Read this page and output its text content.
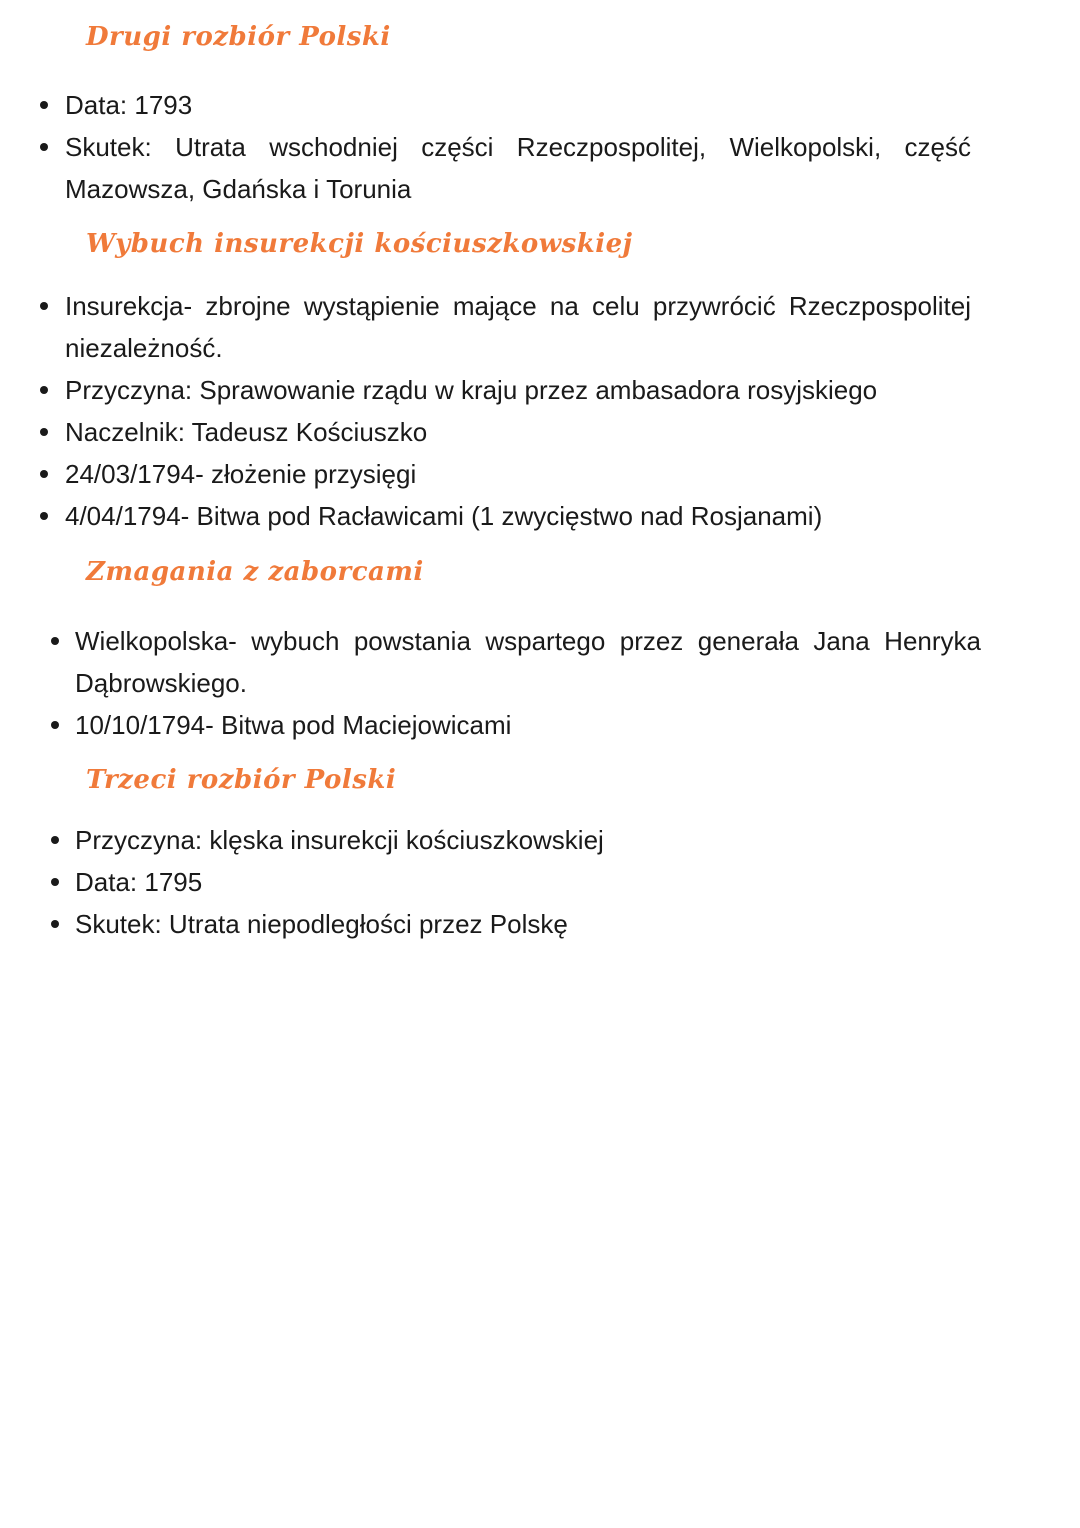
Drugi rozbiór Polski
Data: 1793
Skutek: Utrata wschodniej części Rzeczpospolitej, Wielkopolski, część Mazowsza, Gdańska i Torunia
Wybuch insurekcji kościuszkowskiej
Insurekcja- zbrojne wystąpienie mające na celu przywrócić Rzeczpospolitej niezależność.
Przyczyna: Sprawowanie rządu w kraju przez ambasadora rosyjskiego
Naczelnik: Tadeusz Kościuszko
24/03/1794- złożenie przysięgi
4/04/1794- Bitwa pod Racławicami (1 zwycięstwo nad Rosjanami)
Zmagania z zaborcami
Wielkopolska- wybuch powstania wspartego przez generała Jana Henryka Dąbrowskiego.
10/10/1794- Bitwa pod Maciejowicami
Trzeci rozbiór Polski
Przyczyna: klęska insurekcji kościuszkowskiej
Data: 1795
Skutek: Utrata niepodległości przez Polskę
